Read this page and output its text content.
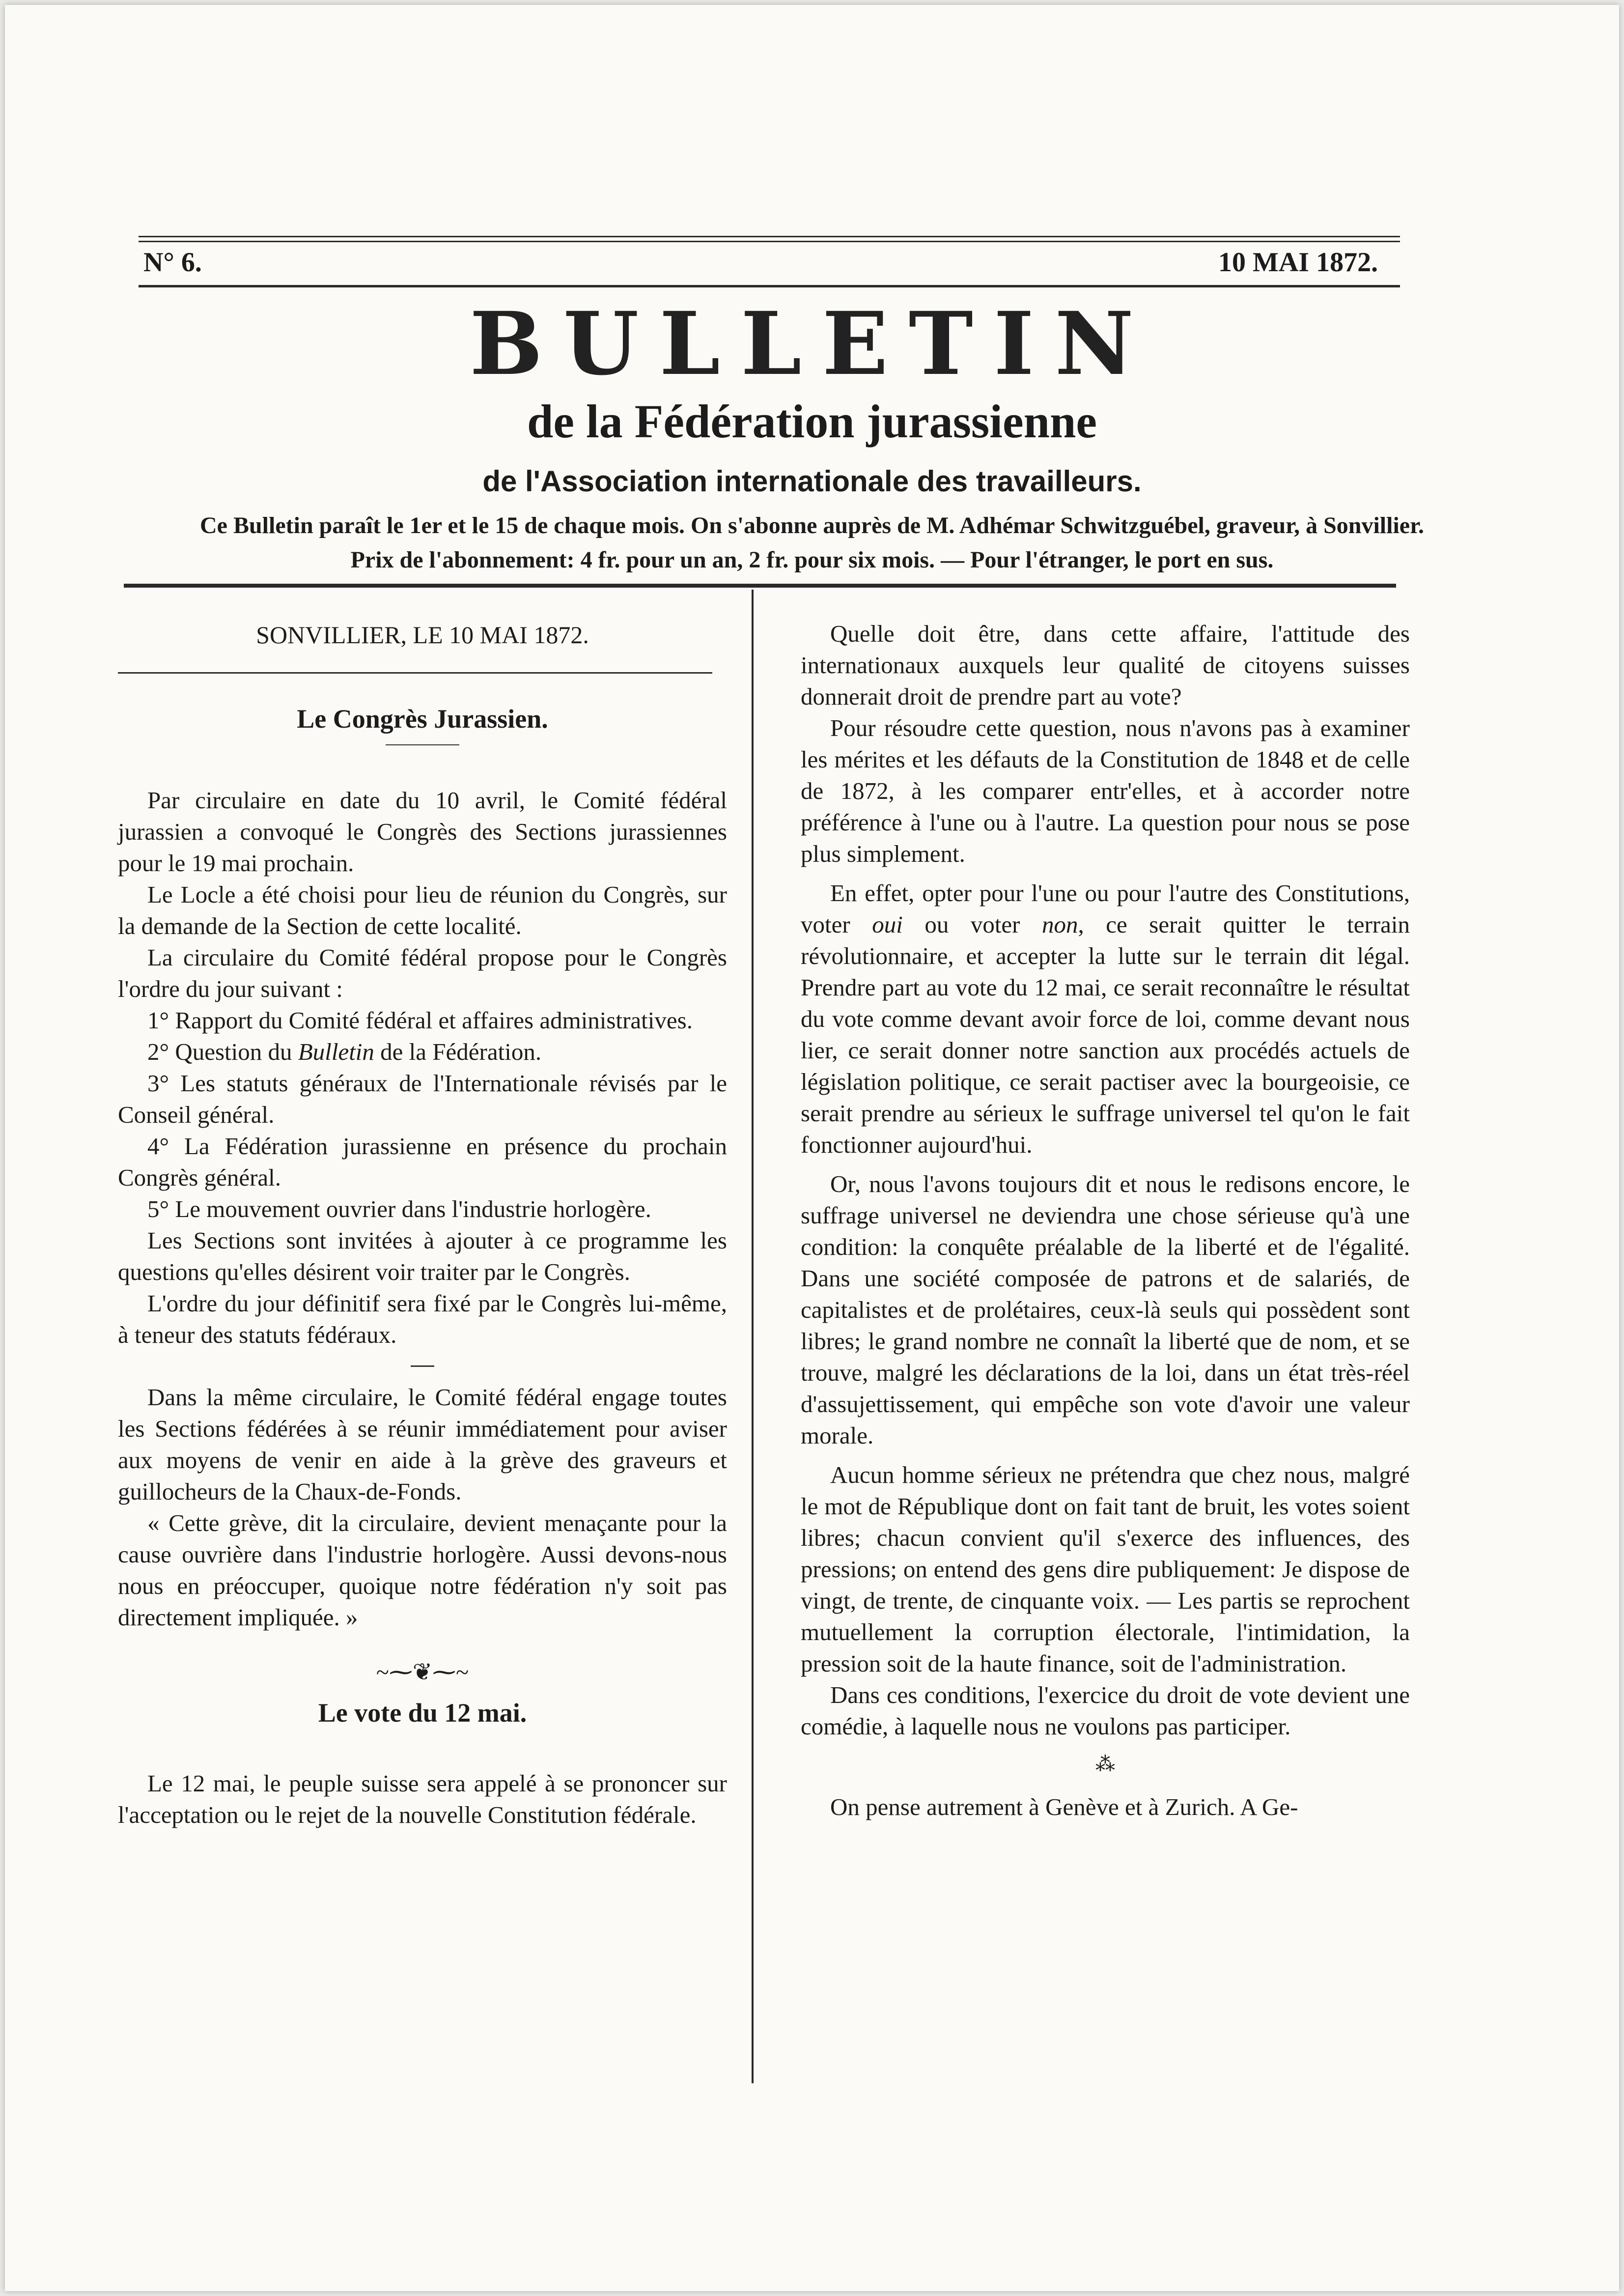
N° 6.	10 MAI 1872.
BULLETIN
de la Fédération jurassienne
de l'Association internationale des travailleurs.
Ce Bulletin paraît le 1er et le 15 de chaque mois. On s'abonne auprès de M. Adhémar Schwitzguébel, graveur, à Sonvillier.
Prix de l'abonnement: 4 fr. pour un an, 2 fr. pour six mois. — Pour l'étranger, le port en sus.

SONVILLIER, LE 10 MAI 1872.

Le Congrès Jurassien.

Par circulaire en date du 10 avril, le Comité fédéral jurassien a convoqué le Congrès des Sections jurassiennes pour le 19 mai prochain.

Le Locle a été choisi pour lieu de réunion du Congrès, sur la demande de la Section de cette localité.

La circulaire du Comité fédéral propose pour le Congrès l'ordre du jour suivant :

1° Rapport du Comité fédéral et affaires administratives.

2° Question du Bulletin de la Fédération.

3° Les statuts généraux de l'Internationale révisés par le Conseil général.

4° La Fédération jurassienne en présence du prochain Congrès général.

5° Le mouvement ouvrier dans l'industrie horlogère.

Les Sections sont invitées à ajouter à ce programme les questions qu'elles désirent voir traiter par le Congrès.

L'ordre du jour définitif sera fixé par le Congrès lui-même, à teneur des statuts fédéraux.

Dans la même circulaire, le Comité fédéral engage toutes les Sections fédérées à se réunir immédiatement pour aviser aux moyens de venir en aide à la grève des graveurs et guillocheurs de la Chaux-de-Fonds.

« Cette grève, dit la circulaire, devient menaçante pour la cause ouvrière dans l'industrie horlogère. Aussi devons-nous nous en préoccuper, quoique notre fédération n'y soit pas directement impliquée. »

~⁓❦⁓~

Le vote du 12 mai.

Le 12 mai, le peuple suisse sera appelé à se prononcer sur l'acceptation ou le rejet de la nouvelle Constitution fédérale.

Quelle doit être, dans cette affaire, l'attitude des internationaux auxquels leur qualité de citoyens suisses donnerait droit de prendre part au vote?

Pour résoudre cette question, nous n'avons pas à examiner les mérites et les défauts de la Constitution de 1848 et de celle de 1872, à les comparer entr'elles, et à accorder notre préférence à l'une ou à l'autre. La question pour nous se pose plus simplement.

En effet, opter pour l'une ou pour l'autre des Constitutions, voter oui ou voter non, ce serait quitter le terrain révolutionnaire, et accepter la lutte sur le terrain dit légal. Prendre part au vote du 12 mai, ce serait reconnaître le résultat du vote comme devant avoir force de loi, comme devant nous lier, ce serait donner notre sanction aux procédés actuels de législation politique, ce serait pactiser avec la bourgeoisie, ce serait prendre au sérieux le suffrage universel tel qu'on le fait fonctionner aujourd'hui.

Or, nous l'avons toujours dit et nous le redisons encore, le suffrage universel ne deviendra une chose sérieuse qu'à une condition: la conquête préalable de la liberté et de l'égalité. Dans une société composée de patrons et de salariés, de capitalistes et de prolétaires, ceux-là seuls qui possèdent sont libres; le grand nombre ne connaît la liberté que de nom, et se trouve, malgré les déclarations de la loi, dans un état très-réel d'assujettissement, qui empêche son vote d'avoir une valeur morale.

Aucun homme sérieux ne prétendra que chez nous, malgré le mot de République dont on fait tant de bruit, les votes soient libres; chacun convient qu'il s'exerce des influences, des pressions; on entend des gens dire publiquement: Je dispose de vingt, de trente, de cinquante voix. — Les partis se reprochent mutuellement la corruption électorale, l'intimidation, la pression soit de la haute finance, soit de l'administration.

Dans ces conditions, l'exercice du droit de vote devient une comédie, à laquelle nous ne voulons pas participer.

⁂

On pense autrement à Genève et à Zurich. A Ge-
